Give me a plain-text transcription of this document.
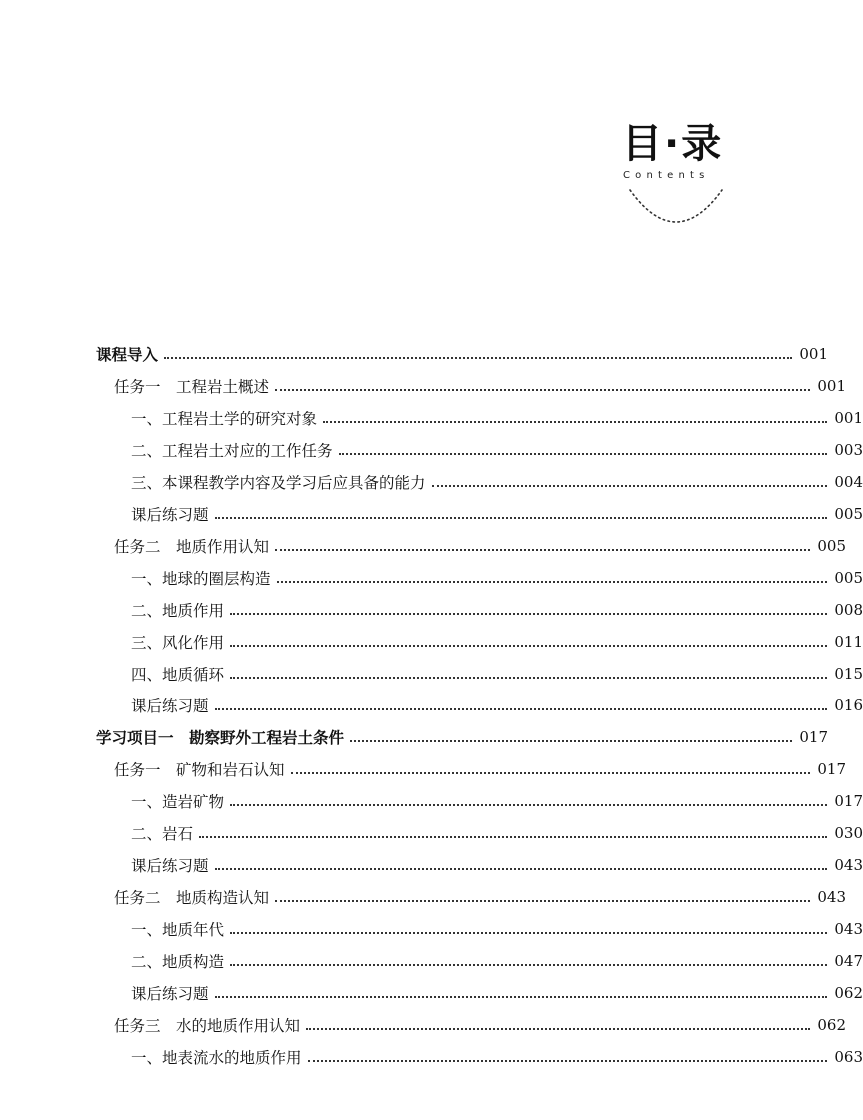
目·录
Contents
课程导入	001
任务一　工程岩土概述	001
一、工程岩土学的研究对象	001
二、工程岩土对应的工作任务	003
三、本课程教学内容及学习后应具备的能力	004
课后练习题	005
任务二　地质作用认知	005
一、地球的圈层构造	005
二、地质作用	008
三、风化作用	011
四、地质循环	015
课后练习题	016
学习项目一　勘察野外工程岩土条件	017
任务一　矿物和岩石认知	017
一、造岩矿物	017
二、岩石	030
课后练习题	043
任务二　地质构造认知	043
一、地质年代	043
二、地质构造	047
课后练习题	062
任务三　水的地质作用认知	062
一、地表流水的地质作用	063
